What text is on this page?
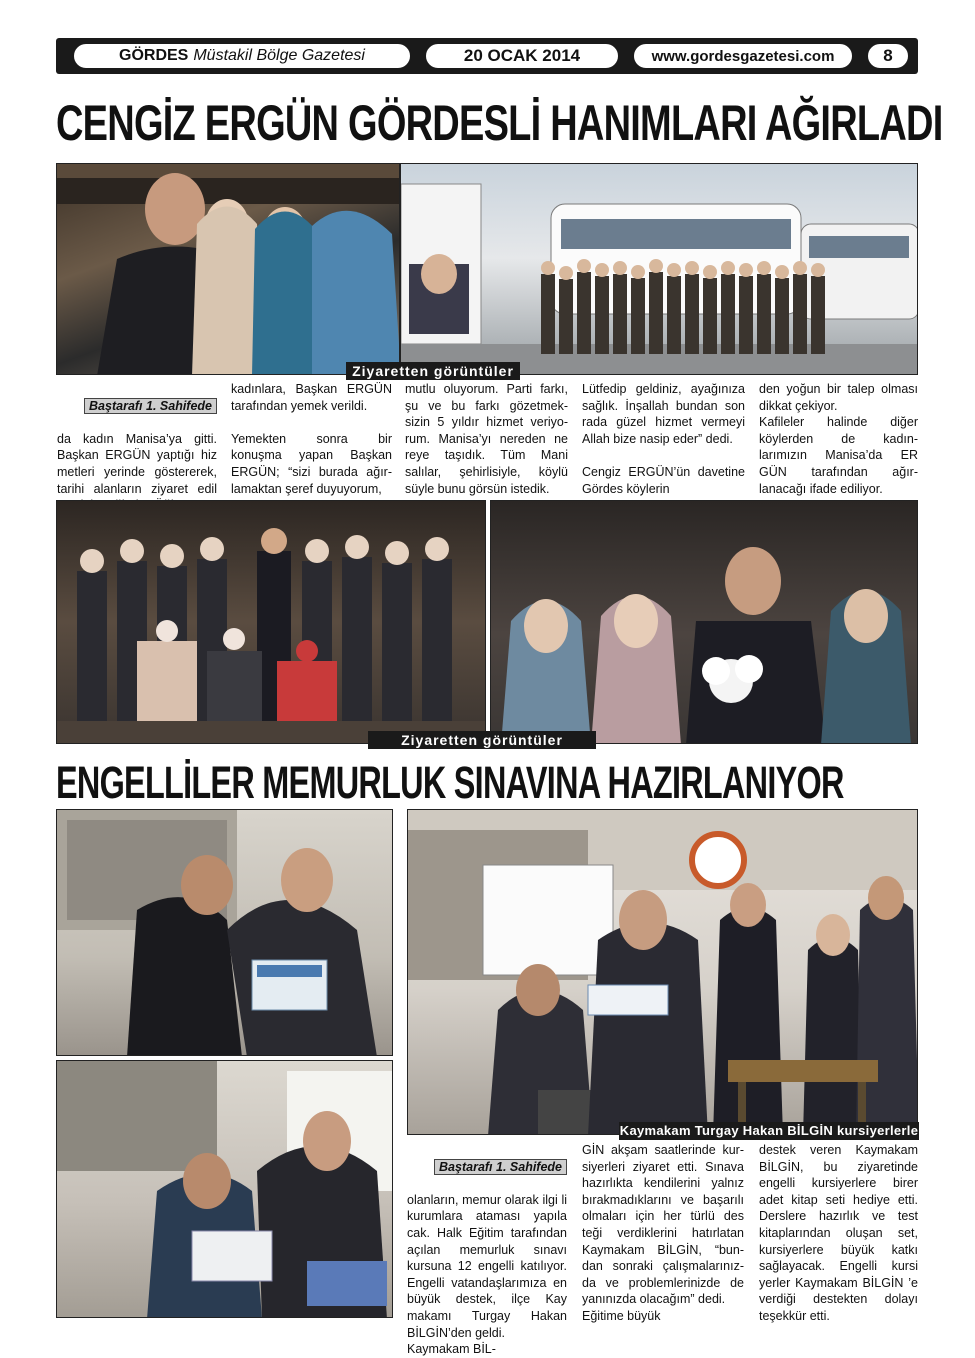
GÖRDES Müstakil Bölge Gazetesi	20 OCAK 2014	www.gordesgazetesi.com	8
CENGİZ ERGÜN GÖRDESLİ HANIMLARI AĞIRLADI
Ziyaretten görüntüler

Baştarafı 1. Sahifede

da kadın Manisa’ya gitti. Başkan ERGÜN yaptığı hiz metleri yerinde göstererek, tarihi alanların ziyaret edil

kadınlara, Başkan ERGÜN tarafından yemek verildi.

Yemekten sonra bir konuşma yapan Başkan ERGÜN; “sizi burada ağır- lamaktan şeref duyuyorum,
mutlu oluyorum. Parti farkı, şu ve bu farkı gözetmek- sizin 5 yıldır hizmet veriyo- rum. Manisa’yı nereden ne reye taşıdık. Tüm Mani salılar, şehirlisiyle, köylü süyle bunu görsün istedik.
Lütfedip geldiniz, ayağınıza sağlık. İnşallah bundan son rada güzel hizmet vermeyi Allah bize nasip eder” dedi.

Cengiz ERGÜN’ün davetine Gördes köylerin
den yoğun bir talep olması dikkat çekiyor.
Kafileler halinde diğer köylerden de kadın- larımızın Manisa’da ER GÜN tarafından ağır- lanacağı ifade ediliyor.
Ziyaretten görüntüler
ENGELLİLER MEMURLUK SINAVINA HAZIRLANIYOR
Kaymakam Turgay Hakan BİLGİN kursiyerlerle

Baştarafı 1. Sahifede

olanların, memur olarak ilgi li kurumlara ataması yapıla cak. Halk Eğitim tarafından açılan memurluk sınavı kursuna 12 engelli katılıyor. Engelli vatandaşlarımıza en büyük destek, ilçe Kay makamı Turgay Hakan BİLGİN’den geldi.
Kaymakam BİL-

GİN akşam saatlerinde kur- siyerleri ziyaret etti. Sınava hazırlıkta kendilerini yalnız bırakmadıklarını ve başarılı olmaları için her türlü des teği verdiklerini hatırlatan Kaymakam BİLGİN, “bun- dan sonraki çalışmalarınız- da ve problemlerinizde de yanınızda olacağım” dedi.
Eğitime büyük
destek veren Kaymakam BİLGİN, bu ziyaretinde engelli kursiyerlere birer adet kitap seti hediye etti. Derslere hazırlık ve test kitaplarından oluşan set, kursiyerlere büyük katkı sağlayacak. Engelli kursi yerler Kaymakam BİLGİN ’e verdiği destekten dolayı teşekkür etti.
